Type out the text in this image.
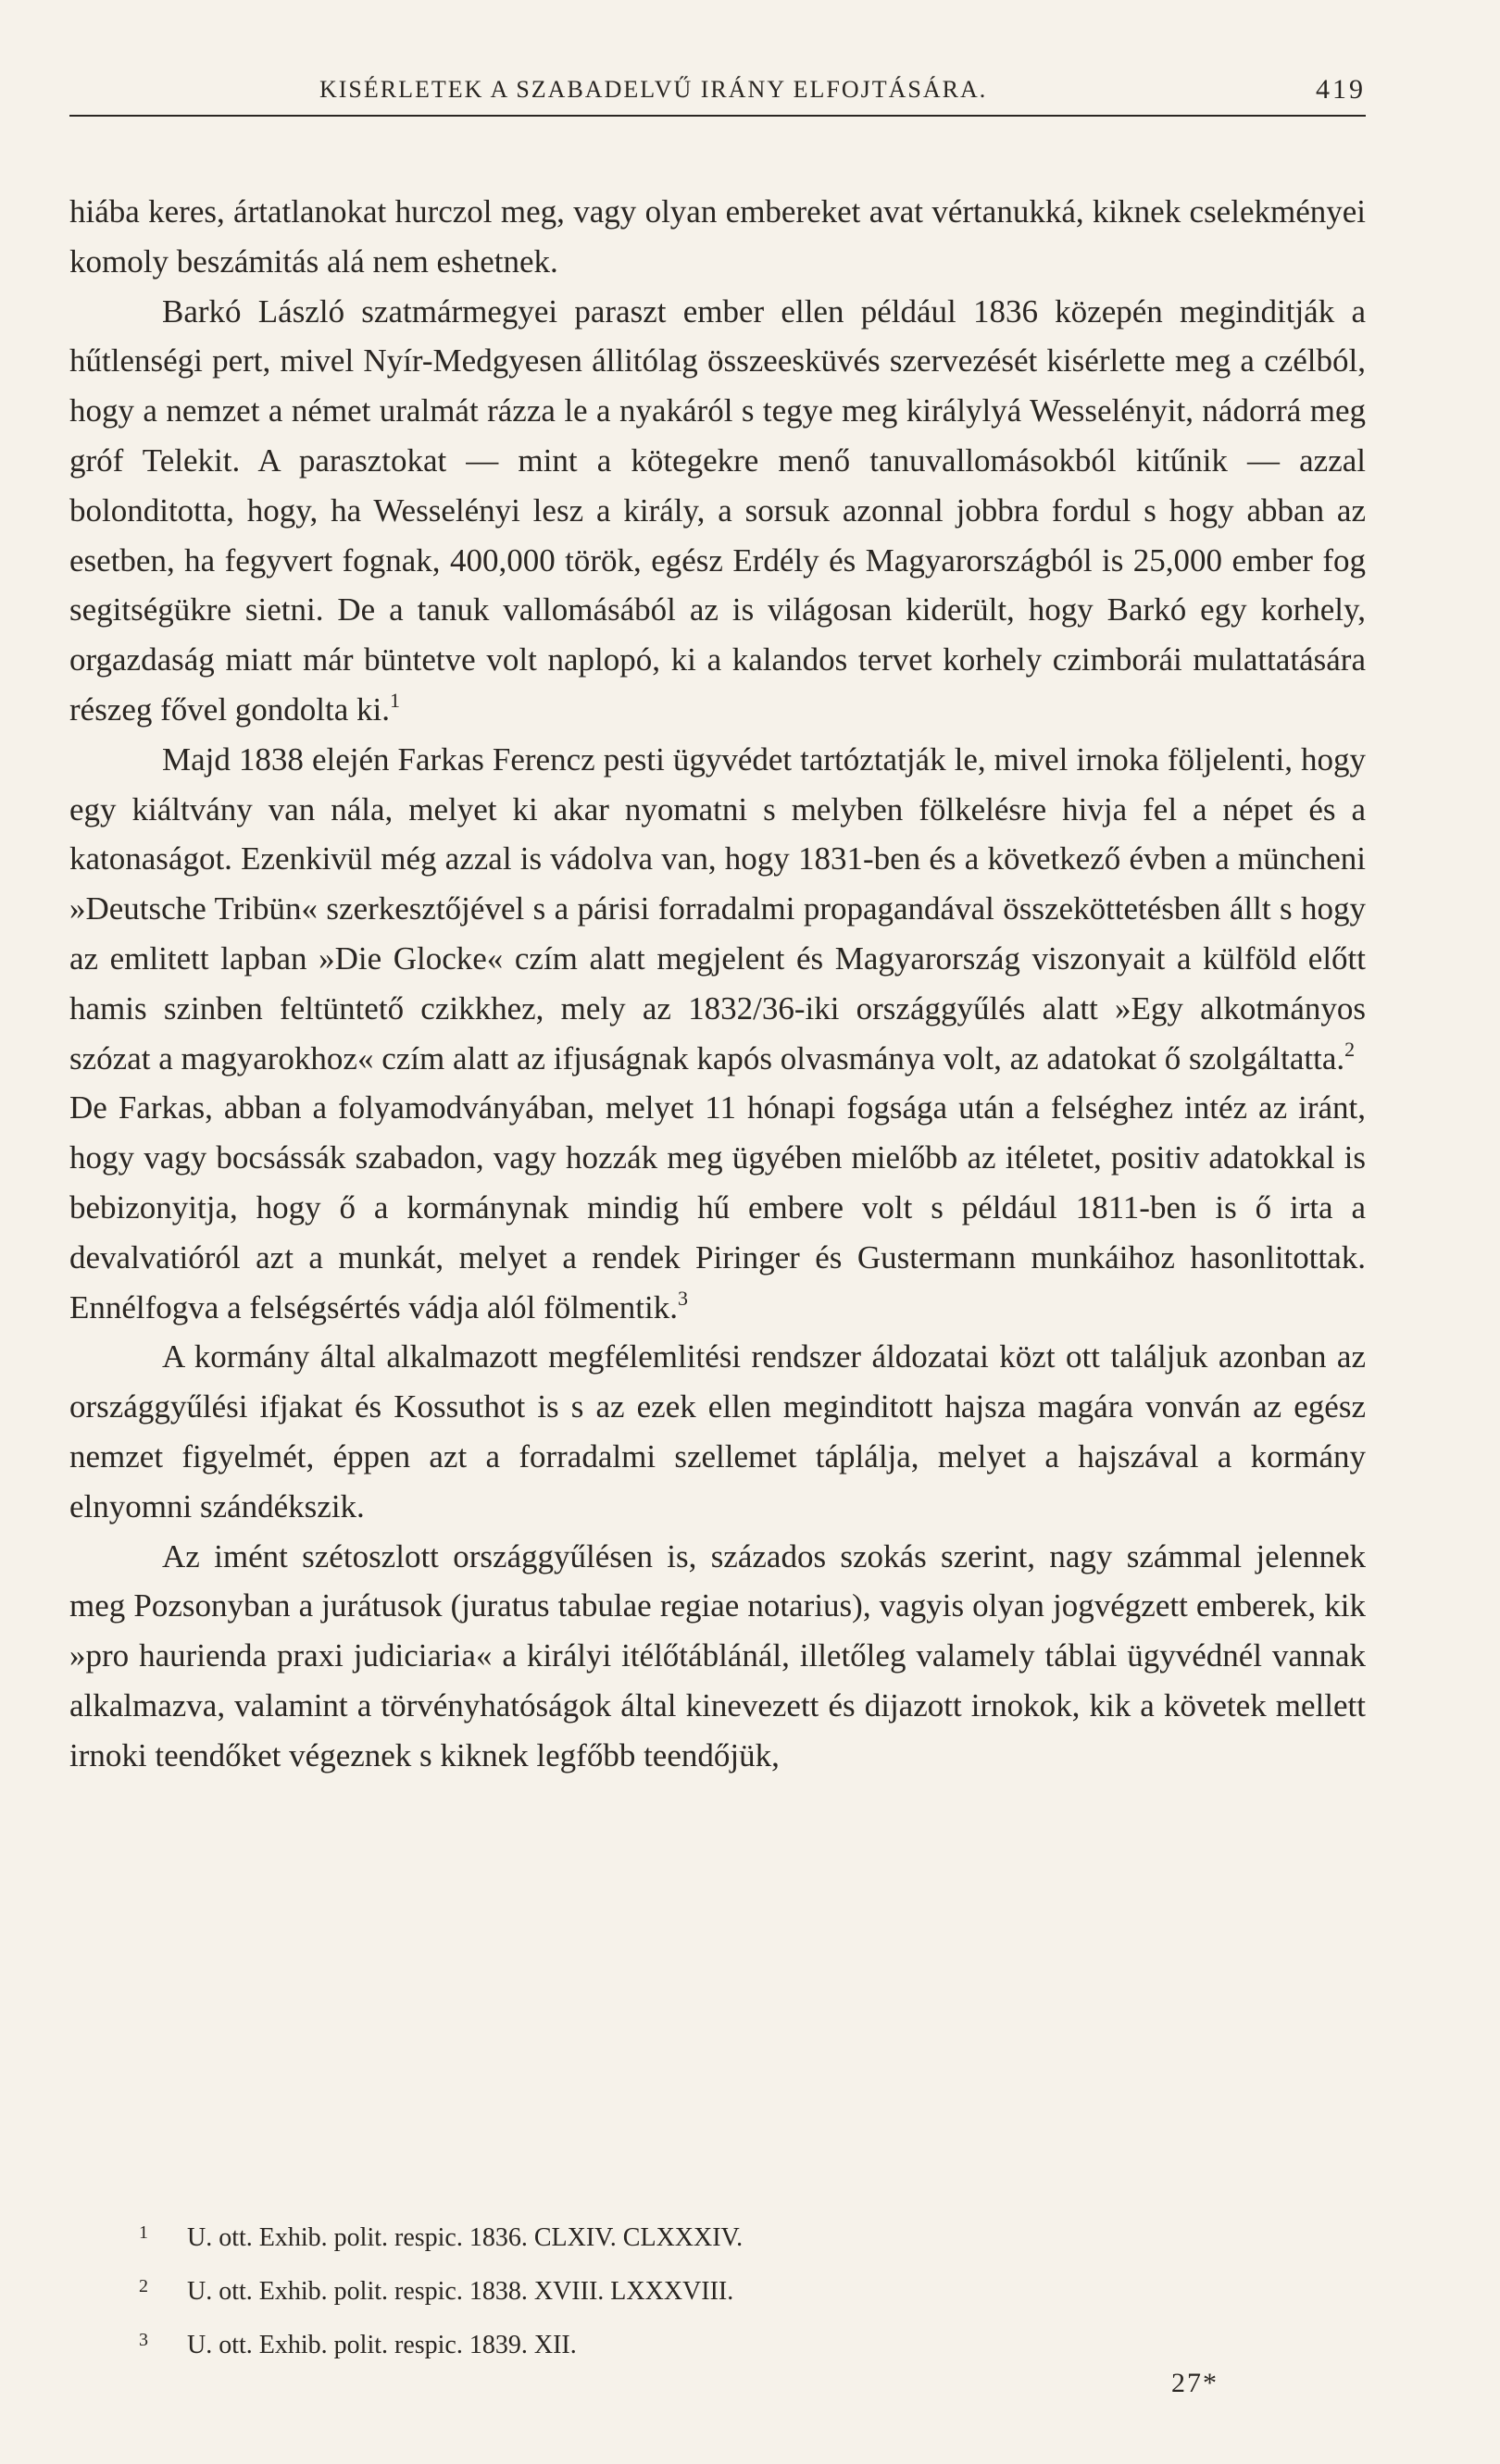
KISÉRLETEK A SZABADELVŰ IRÁNY ELFOJTÁSÁRA.	419

hiába keres, ártatlanokat hurczol meg, vagy olyan embereket avat vértanukká, kiknek cselekményei komoly beszámitás alá nem eshetnek.

Barkó László szatmármegyei paraszt ember ellen például 1836 közepén meginditják a hűtlenségi pert, mivel Nyír-Medgyesen állitólag összeesküvés szervezését kisérlette meg a czélból, hogy a nemzet a német uralmát rázza le a nyakáról s tegye meg királylyá Wesselényit, nádorrá meg gróf Telekit. A parasztokat — mint a kötegekre menő tanuvallomásokból kitűnik — azzal bolonditotta, hogy, ha Wesselényi lesz a király, a sorsuk azonnal jobbra fordul s hogy abban az esetben, ha fegyvert fognak, 400,000 török, egész Erdély és Magyarországból is 25,000 ember fog segitségükre sietni. De a tanuk vallomásából az is világosan kiderült, hogy Barkó egy korhely, orgazdaság miatt már büntetve volt naplopó, ki a kalandos tervet korhely czimborái mulattatására részeg fővel gondolta ki.$^1$

Majd 1838 elején Farkas Ferencz pesti ügyvédet tartóztatják le, mivel irnoka följelenti, hogy egy kiáltvány van nála, melyet ki akar nyomatni s melyben fölkelésre hivja fel a népet és a katonaságot. Ezenkivül még azzal is vádolva van, hogy 1831-ben és a következő évben a müncheni »Deutsche Tribün« szerkesztőjével s a párisi forradalmi propagandával összeköttetésben állt s hogy az emlitett lapban »Die Glocke« czím alatt megjelent és Magyarország viszonyait a külföld előtt hamis szinben feltüntető czikkhez, mely az 1832/36-iki országgyűlés alatt »Egy alkotmányos szózat a magyarokhoz« czím alatt az ifjuságnak kapós olvasmánya volt, az adatokat ő szolgáltatta.$^2$

De Farkas, abban a folyamodványában, melyet 11 hónapi fogsága után a felséghez intéz az iránt, hogy vagy bocsássák szabadon, vagy hozzák meg ügyében mielőbb az itéletet, positiv adatokkal is bebizonyitja, hogy ő a kormánynak mindig hű embere volt s például 1811-ben is ő irta a devalvatióról azt a munkát, melyet a rendek Piringer és Gustermann munkáihoz hasonlitottak. Ennélfogva a felségsértés vádja alól fölmentik.$^3$

A kormány által alkalmazott megfélemlitési rendszer áldozatai közt ott találjuk azonban az országgyűlési ifjakat és Kossuthot is s az ezek ellen meginditott hajsza magára vonván az egész nemzet figyelmét, éppen azt a forradalmi szellemet táplálja, melyet a hajszával a kormány elnyomni szándékszik.

Az imént szétoszlott országgyűlésen is, százados szokás szerint, nagy számmal jelennek meg Pozsonyban a jurátusok (juratus tabulae regiae notarius), vagyis olyan jogvégzett emberek, kik »pro haurienda praxi judiciaria« a királyi itélőtáblánál, illetőleg valamely táblai ügyvédnél vannak alkalmazva, valamint a törvényhatóságok által kinevezett és dijazott irnokok, kik a követek mellett irnoki teendőket végeznek s kiknek legfőbb teendőjük,

1 U. ott. Exhib. polit. respic. 1836. CLXIV. CLXXXIV.
2 U. ott. Exhib. polit. respic. 1838. XVIII. LXXXVIII.
3 U. ott. Exhib. polit. respic. 1839. XII.
27*
